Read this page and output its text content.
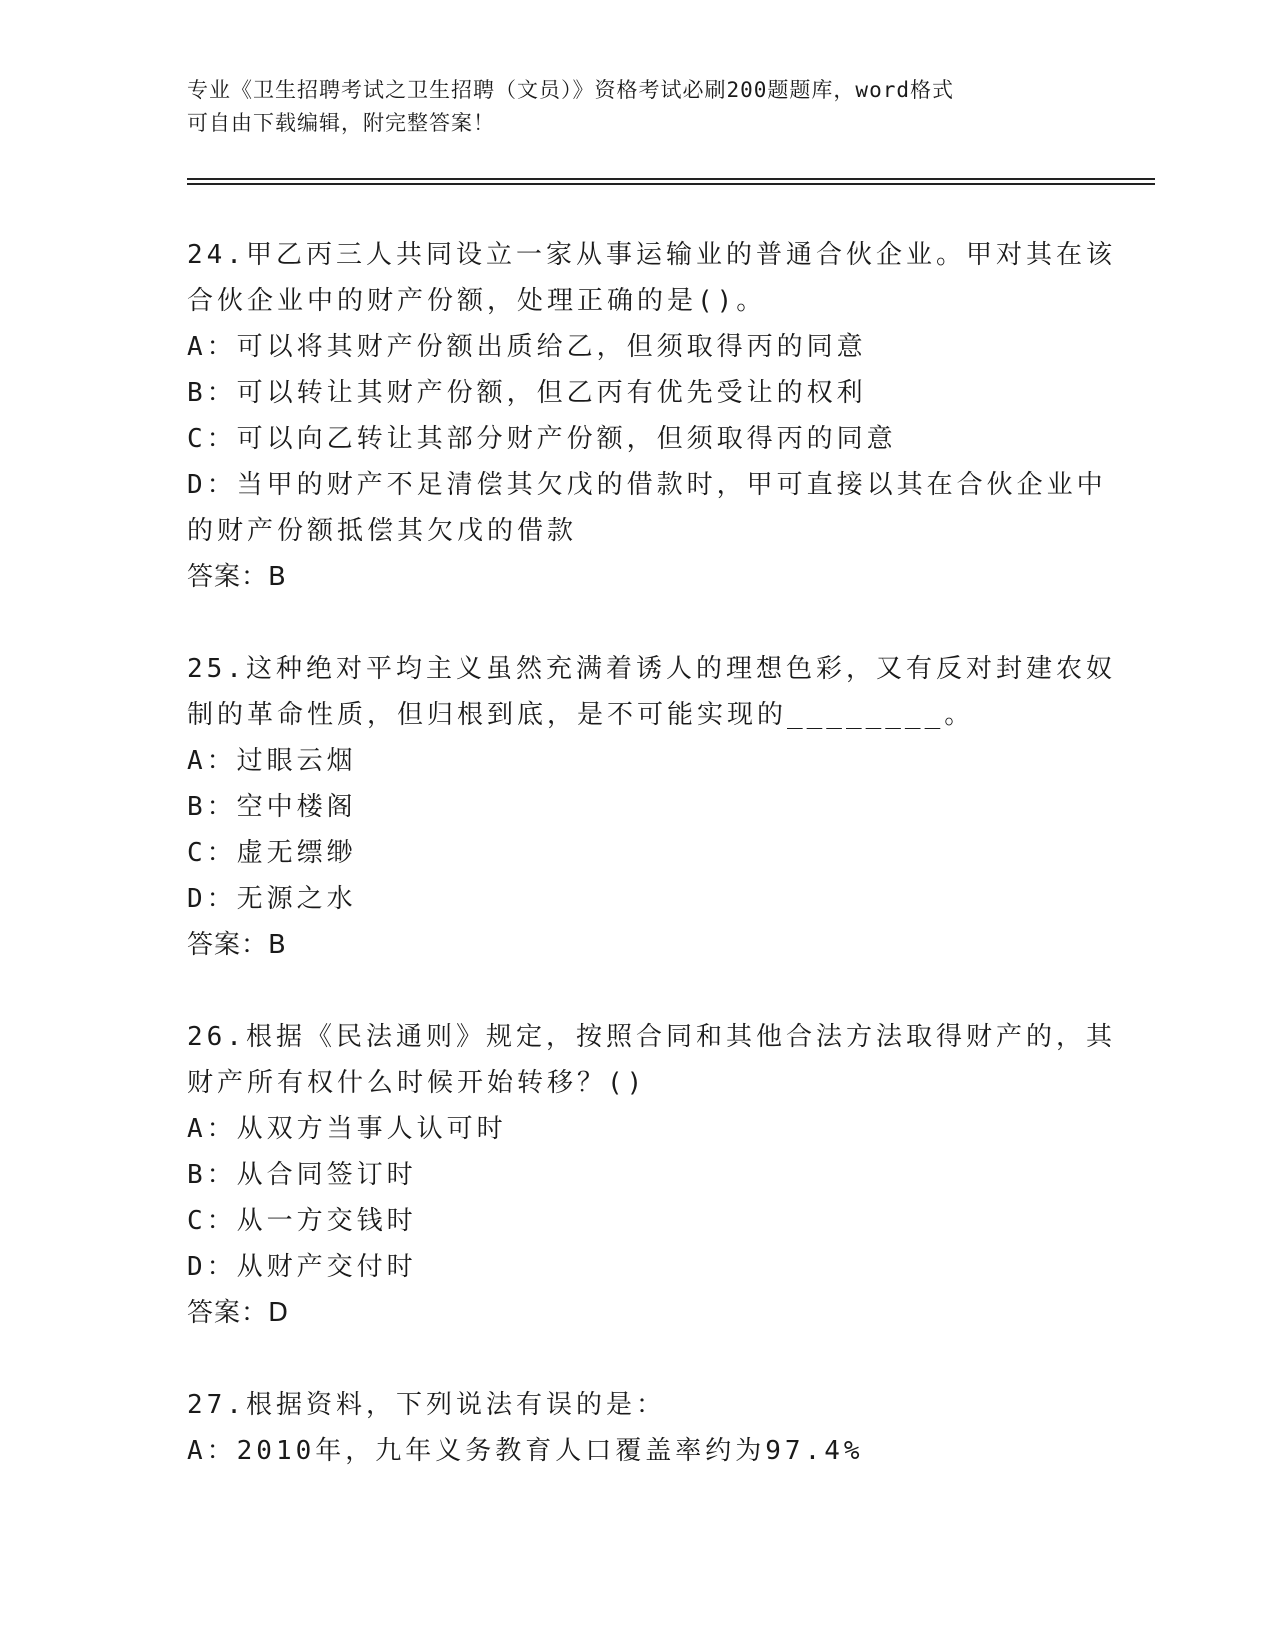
专业《卫生招聘考试之卫生招聘（文员）》资格考试必刷200题题库，word格式
可自由下载编辑，附完整答案！
24.甲乙丙三人共同设立一家从事运输业的普通合伙企业。甲对其在该
合伙企业中的财产份额，处理正确的是()。
A：可以将其财产份额出质给乙，但须取得丙的同意
B：可以转让其财产份额，但乙丙有优先受让的权利
C：可以向乙转让其部分财产份额，但须取得丙的同意
D：当甲的财产不足清偿其欠戊的借款时，甲可直接以其在合伙企业中
的财产份额抵偿其欠戊的借款
答案：B
25.这种绝对平均主义虽然充满着诱人的理想色彩，又有反对封建农奴
制的革命性质，但归根到底，是不可能实现的________。
A：过眼云烟
B：空中楼阁
C：虚无缥缈
D：无源之水
答案：B
26.根据《民法通则》规定，按照合同和其他合法方法取得财产的，其
财产所有权什么时候开始转移？()
A：从双方当事人认可时
B：从合同签订时
C：从一方交钱时
D：从财产交付时
答案：D
27.根据资料，下列说法有误的是：
A：2010年，九年义务教育人口覆盖率约为97.4%
